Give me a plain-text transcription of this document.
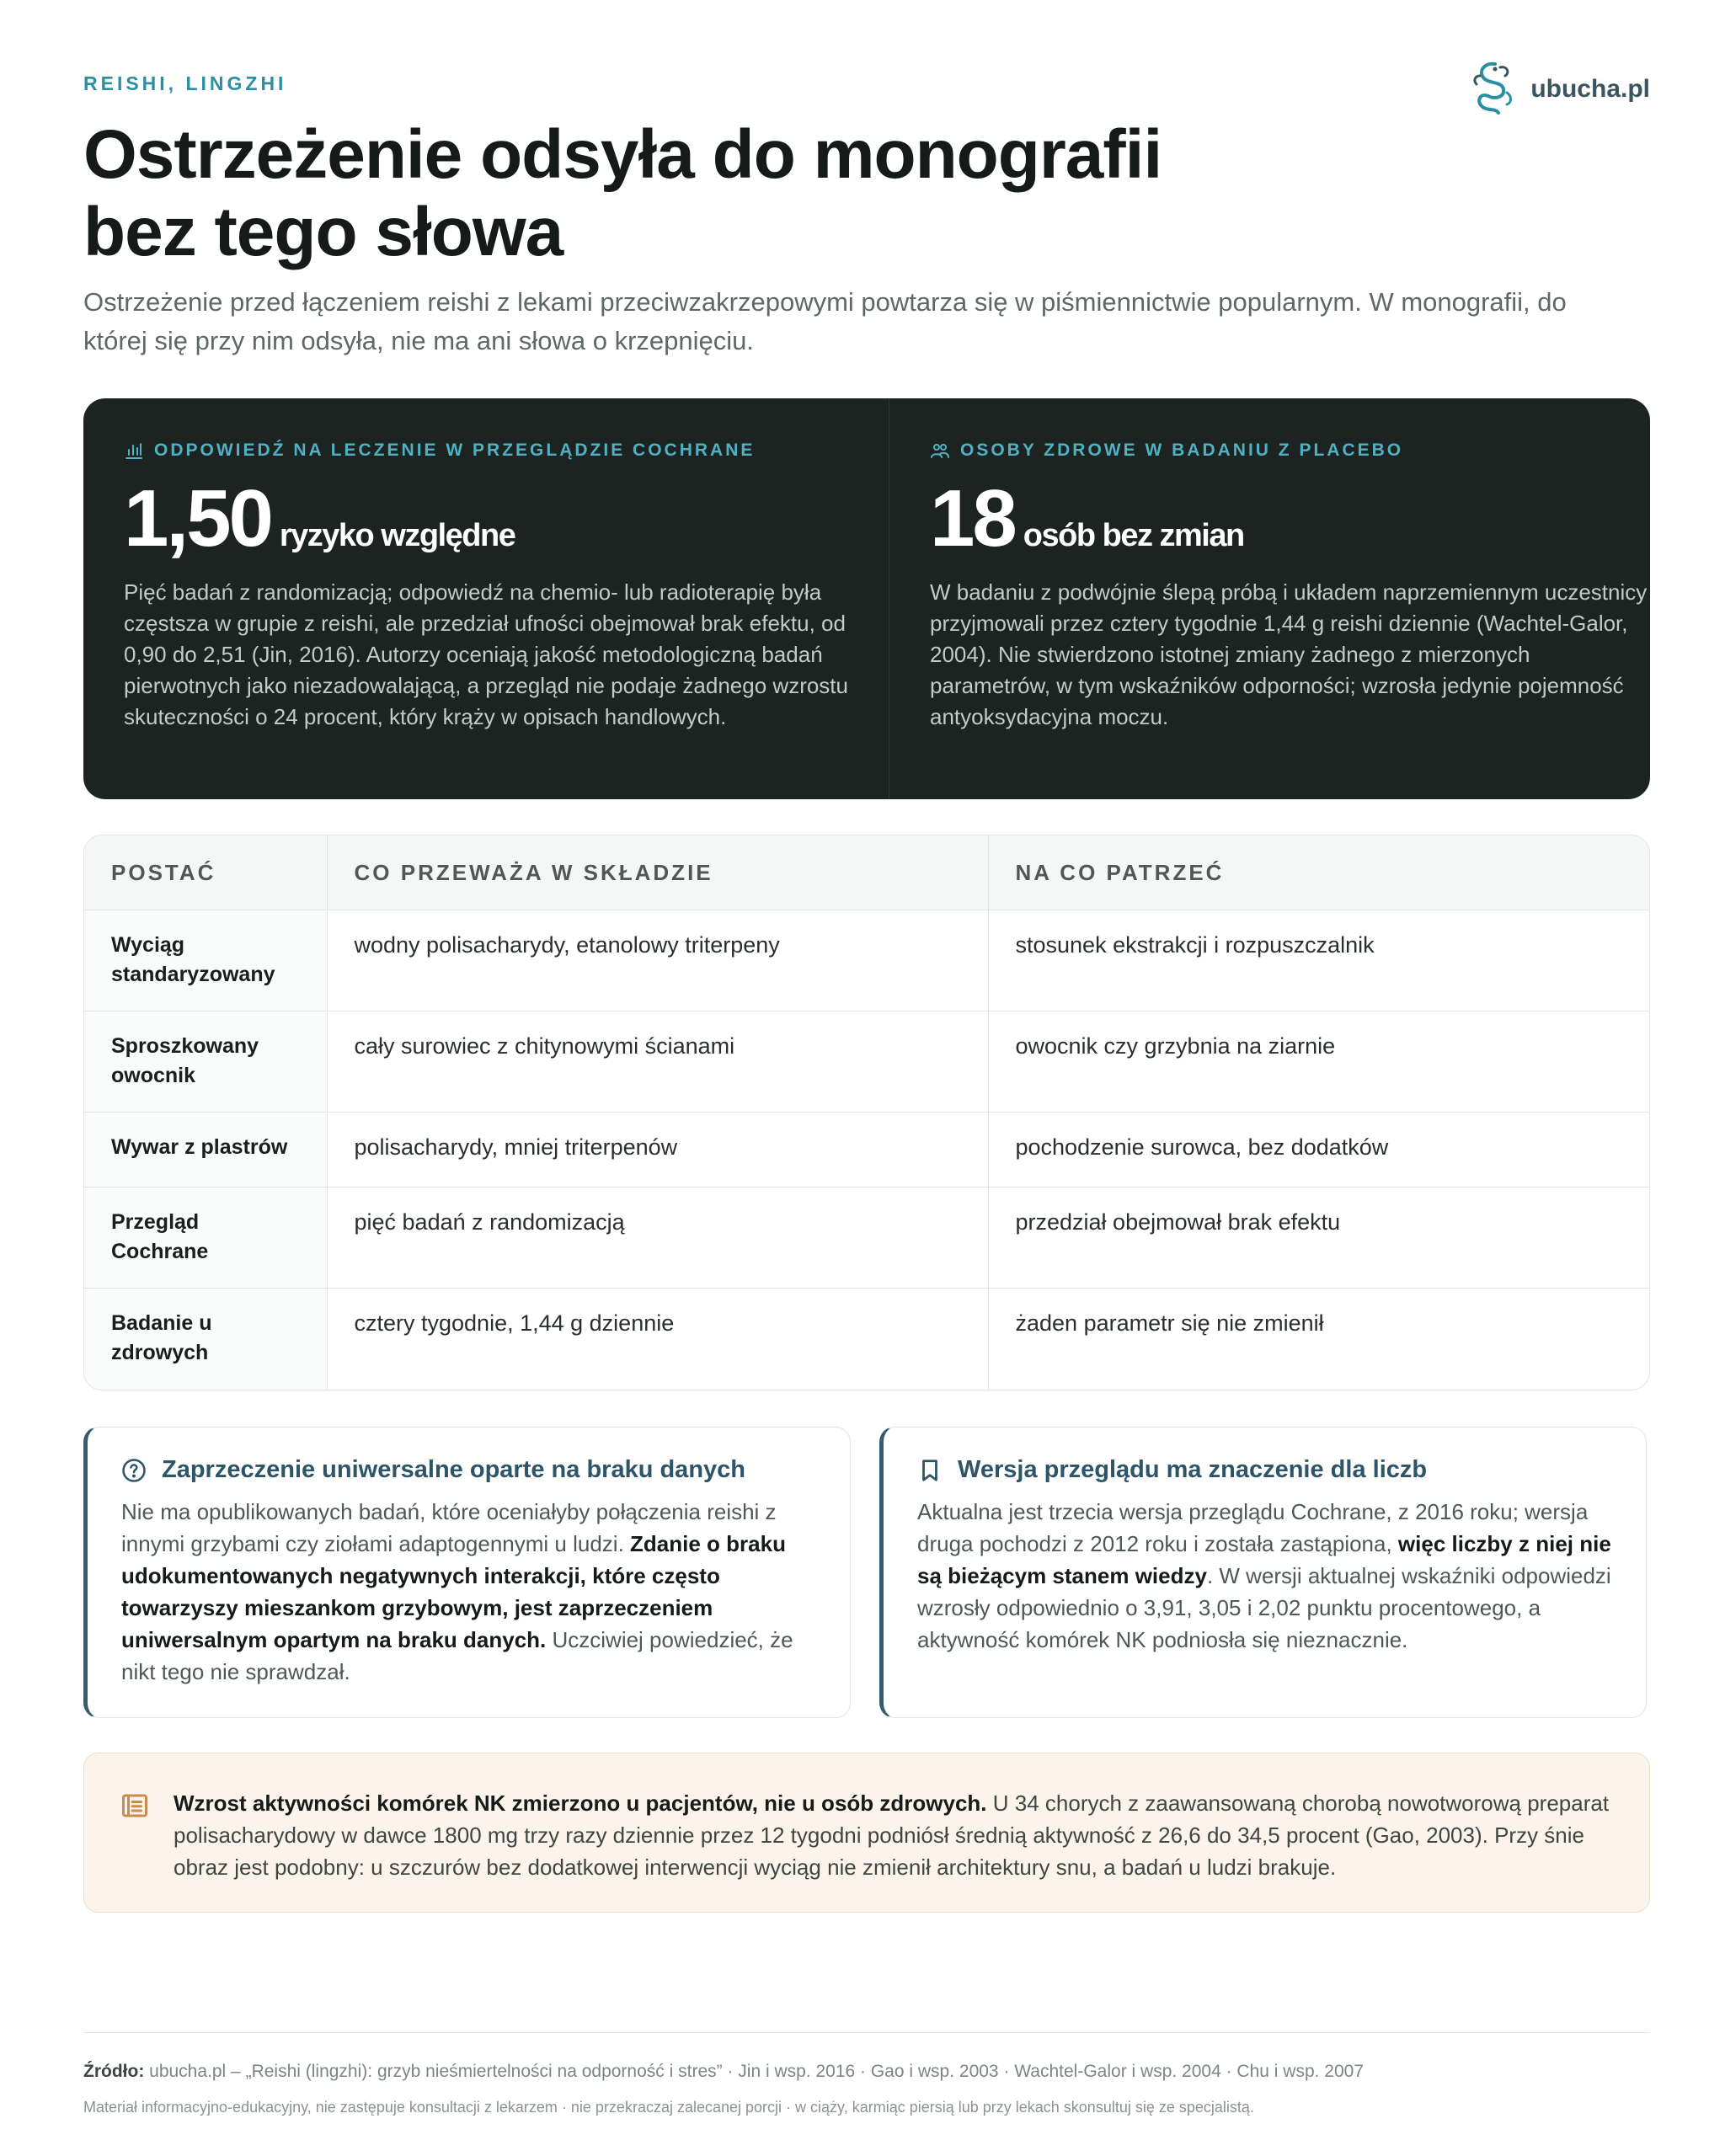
REISHI, LINGZHI	ubucha.pl
Ostrzeżenie odsyła do monografii bez tego słowa

Ostrzeżenie przed łączeniem reishi z lekami przeciwzakrzepowymi powtarza się w piśmiennictwie popularnym. W monografii, do której się przy nim odsyła, nie ma ani słowa o krzepnięciu.

ODPOWIEDŹ NA LECZENIE W PRZEGLĄDZIE COCHRANE
1,50 ryzyko względne
Pięć badań z randomizacją; odpowiedź na chemio- lub radioterapię była częstsza w grupie z reishi, ale przedział ufności obejmował brak efektu, od 0,90 do 2,51 (Jin, 2016). Autorzy oceniają jakość metodologiczną badań pierwotnych jako niezadowalającą, a przegląd nie podaje żadnego wzrostu skuteczności o 24 procent, który krąży w opisach handlowych.
OSOBY ZDROWE W BADANIU Z PLACEBO
18 osób bez zmian
W badaniu z podwójnie ślepą próbą i układem naprzemiennym uczestnicy przyjmowali przez cztery tygodnie 1,44 g reishi dziennie (Wachtel-Galor, 2004). Nie stwierdzono istotnej zmiany żadnego z mierzonych parametrów, w tym wskaźników odporności; wzrosła jedynie pojemność antyoksydacyjna moczu.
POSTAĆ	CO PRZEWAŻA W SKŁADZIE	NA CO PATRZEĆ
Wyciąg standaryzowany	wodny polisacharydy, etanolowy triterpeny	stosunek ekstrakcji i rozpuszczalnik
Sproszkowany owocnik	cały surowiec z chitynowymi ścianami	owocnik czy grzybnia na ziarnie
Wywar z plastrów	polisacharydy, mniej triterpenów	pochodzenie surowca, bez dodatków
Przegląd Cochrane	pięć badań z randomizacją	przedział obejmował brak efektu
Badanie u zdrowych	cztery tygodnie, 1,44 g dziennie	żaden parametr się nie zmienił
Zaprzeczenie uniwersalne oparte na braku danych
Nie ma opublikowanych badań, które oceniałyby połączenia reishi z innymi grzybami czy ziołami adaptogennymi u ludzi. Zdanie o braku udokumentowanych negatywnych interakcji, które często towarzyszy mieszankom grzybowym, jest zaprzeczeniem uniwersalnym opartym na braku danych. Uczciwiej powiedzieć, że nikt tego nie sprawdzał.
Wersja przeglądu ma znaczenie dla liczb
Aktualna jest trzecia wersja przeglądu Cochrane, z 2016 roku; wersja druga pochodzi z 2012 roku i została zastąpiona, więc liczby z niej nie są bieżącym stanem wiedzy. W wersji aktualnej wskaźniki odpowiedzi wzrosły odpowiednio o 3,91, 3,05 i 2,02 punktu procentowego, a aktywność komórek NK podniosła się nieznacznie.
Wzrost aktywności komórek NK zmierzono u pacjentów, nie u osób zdrowych. U 34 chorych z zaawansowaną chorobą nowotworową preparat polisacharydowy w dawce 1800 mg trzy razy dziennie przez 12 tygodni podniósł średnią aktywność z 26,6 do 34,5 procent (Gao, 2003). Przy śnie obraz jest podobny: u szczurów bez dodatkowej interwencji wyciąg nie zmienił architektury snu, a badań u ludzi brakuje.
Źródło: ubucha.pl – „Reishi (lingzhi): grzyb nieśmiertelności na odporność i stres” · Jin i wsp. 2016 · Gao i wsp. 2003 · Wachtel-Galor i wsp. 2004 · Chu i wsp. 2007
Materiał informacyjno-edukacyjny, nie zastępuje konsultacji z lekarzem · nie przekraczaj zalecanej porcji · w ciąży, karmiąc piersią lub przy lekach skonsultuj się ze specjalistą.
